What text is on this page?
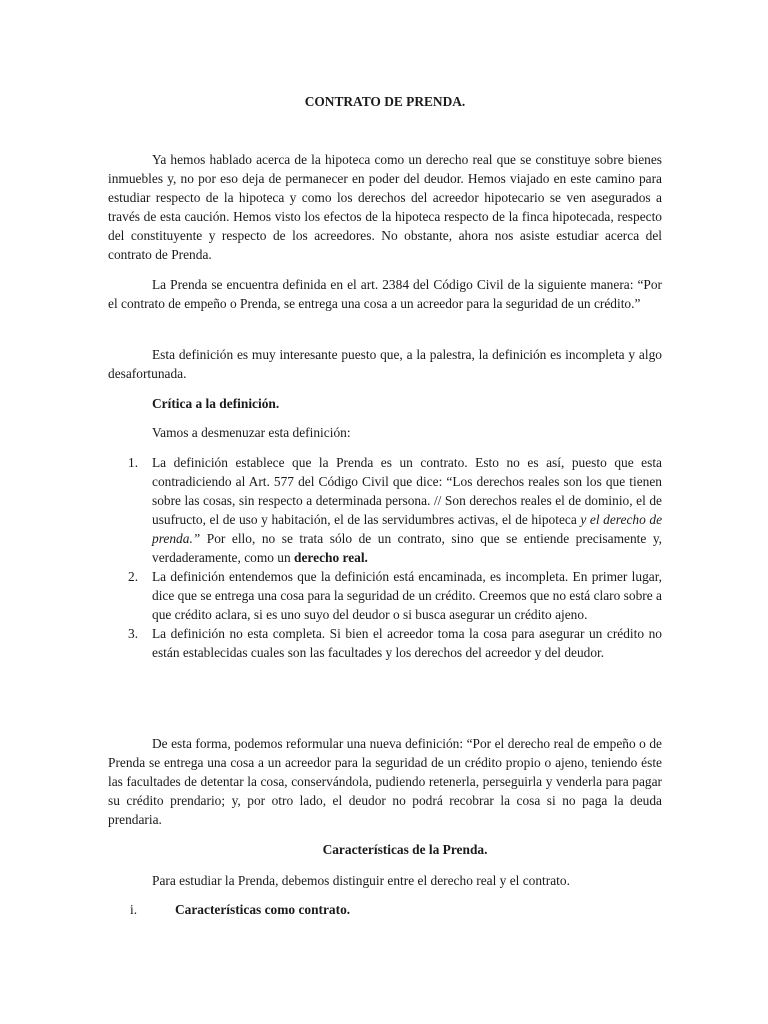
CONTRATO DE PRENDA.

Ya hemos hablado acerca de la hipoteca como un derecho real que se constituye sobre bienes inmuebles y, no por eso deja de permanecer en poder del deudor. Hemos viajado en este camino para estudiar respecto de la hipoteca y como los derechos del acreedor hipotecario se ven asegurados a través de esta caución. Hemos visto los efectos de la hipoteca respecto de la finca hipotecada, respecto del constituyente y respecto de los acreedores. No obstante, ahora nos asiste estudiar acerca del contrato de Prenda.

La Prenda se encuentra definida en el art. 2384 del Código Civil de la siguiente manera: “Por el contrato de empeño o Prenda, se entrega una cosa a un acreedor para la seguridad de un crédito.”

Esta definición es muy interesante puesto que, a la palestra, la definición es incompleta y algo desafortunada.

Crítica a la definición.
Vamos a desmenuzar esta definición:
1. La definición establece que la Prenda es un contrato. Esto no es así, puesto que esta contradiciendo al Art. 577 del Código Civil que dice: “Los derechos reales son los que tienen sobre las cosas, sin respecto a determinada persona. // Son derechos reales el de dominio, el de usufructo, el de uso y habitación, el de las servidumbres activas, el de hipoteca y el derecho de prenda.” Por ello, no se trata sólo de un contrato, sino que se entiende precisamente y, verdaderamente, como un derecho real.
2. La definición entendemos que la definición está encaminada, es incompleta. En primer lugar, dice que se entrega una cosa para la seguridad de un crédito. Creemos que no está claro sobre a que crédito aclara, si es uno suyo del deudor o si busca asegurar un crédito ajeno.
3. La definición no esta completa. Si bien el acreedor toma la cosa para asegurar un crédito no están establecidas cuales son las facultades y los derechos del acreedor y del deudor.

De esta forma, podemos reformular una nueva definición: “Por el derecho real de empeño o de Prenda se entrega una cosa a un acreedor para la seguridad de un crédito propio o ajeno, teniendo éste las facultades de detentar la cosa, conservándola, pudiendo retenerla, perseguirla y venderla para pagar su crédito prendario; y, por otro lado, el deudor no podrá recobrar la cosa si no paga la deuda prendaria.

Características de la Prenda.
Para estudiar la Prenda, debemos distinguir entre el derecho real y el contrato.
i.	Características como contrato.
